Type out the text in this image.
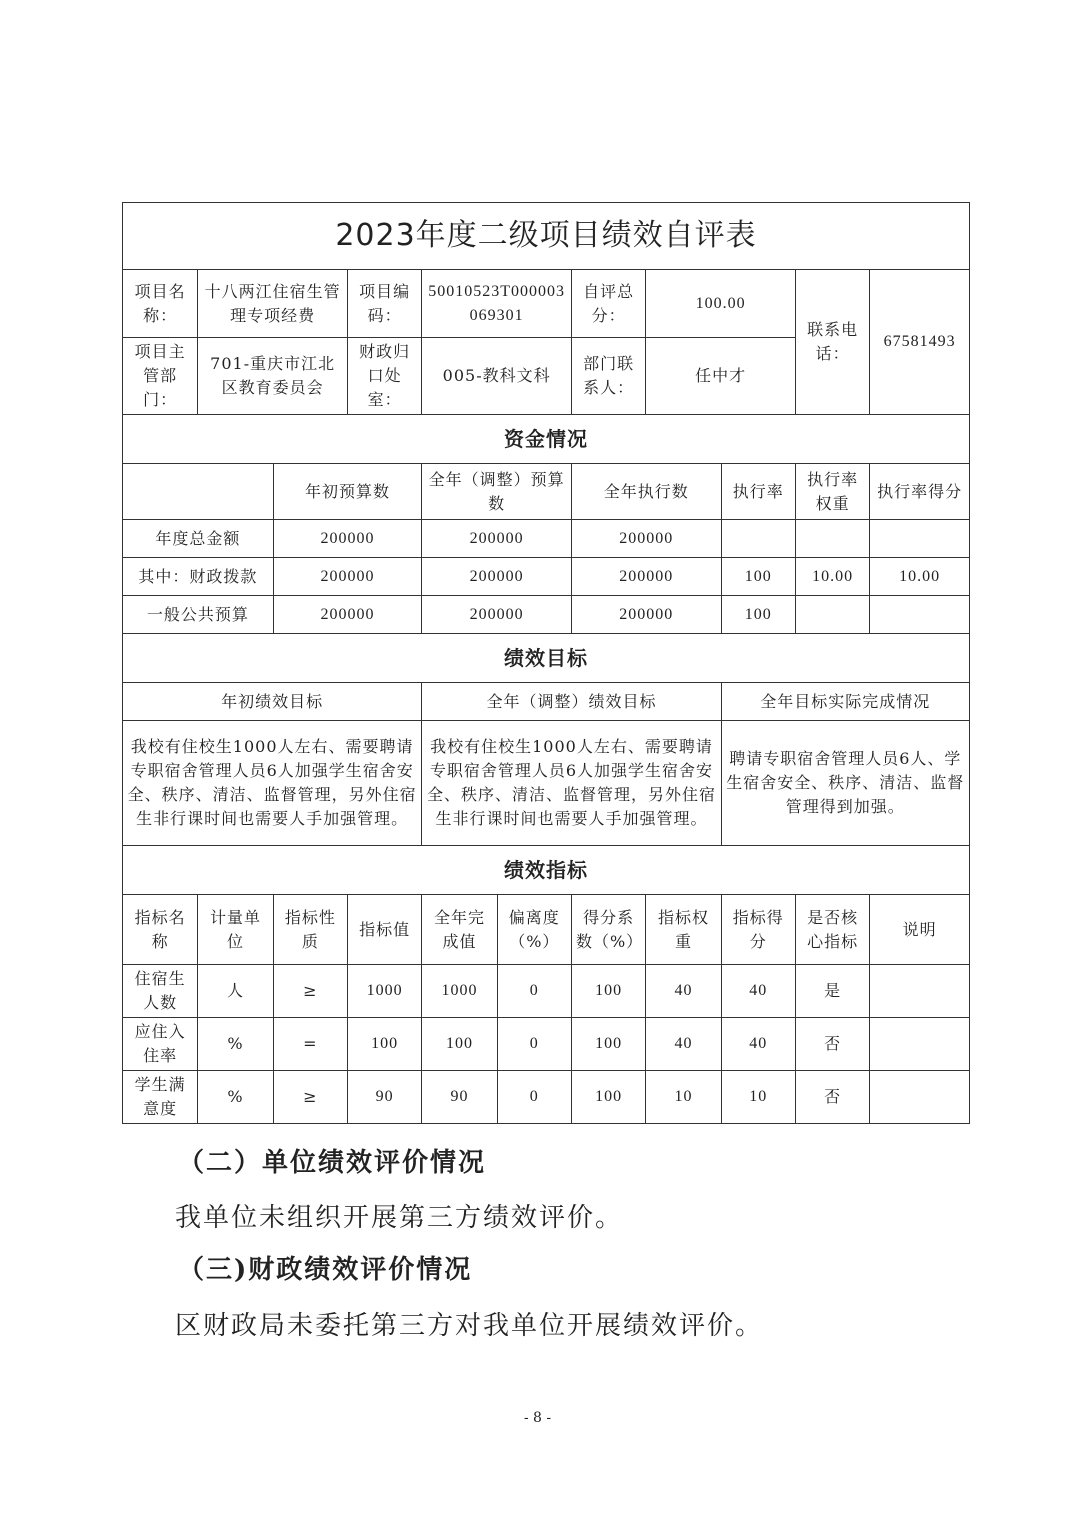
2023年度二级项目绩效自评表										
项目名称：	十八两江住宿生管理专项经费		项目编码：	50010523T000003069301		自评总分：	100.00		联系电话：	67581493
项目主管部门：	701-重庆市江北区教育委员会		财政归口处室：	005-教科文科		部门联系人：	任中才			
资金情况										
		年初预算数		全年（调整）预算数		全年执行数		执行率	执行率权重	执行率得分
年度总金额		200000		200000		200000				
其中：财政拨款		200000		200000		200000		100	10.00	10.00
一般公共预算		200000		200000		200000		100		
绩效目标										
年初绩效目标				全年（调整）绩效目标				全年目标实际完成情况		
我校有住校生1000人左右、需要聘请专职宿舍管理人员6人加强学生宿舍安全、秩序、清洁、监督管理，另外住宿生非行课时间也需要人手加强管理。				我校有住校生1000人左右、需要聘请专职宿舍管理人员6人加强学生宿舍安全、秩序、清洁、监督管理，另外住宿生非行课时间也需要人手加强管理。				聘请专职宿舍管理人员6人、学生宿舍安全、秩序、清洁、监督管理得到加强。		
绩效指标										
指标名称	计量单位	指标性质	指标值	全年完成值	偏离度（%）	得分系数（%）	指标权重	指标得分	是否核心指标	说明
住宿生人数	人	≥	1000	1000	0	100	40	40	是	
应住入住率	%	=	100	100	0	100	40	40	否	
学生满意度	%	≥	90	90	0	100	10	10	否	
（二）单位绩效评价情况
我单位未组织开展第三方绩效评价。
（三)财政绩效评价情况
区财政局未委托第三方对我单位开展绩效评价。
- 8 -
